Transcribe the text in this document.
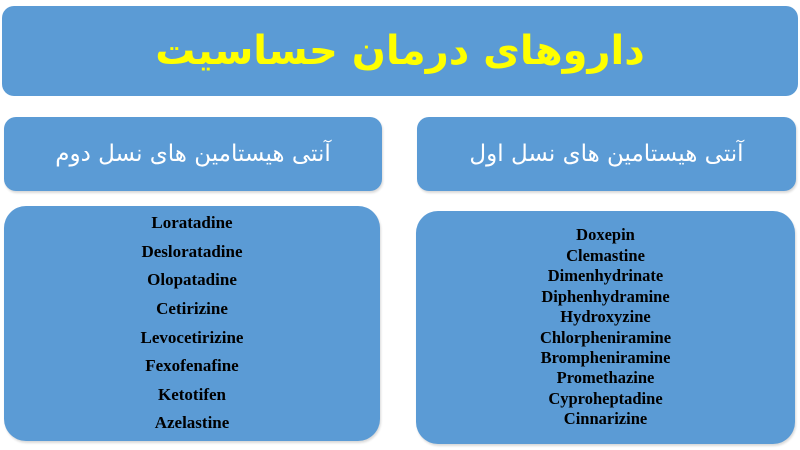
داروهای درمان حساسیت
آنتی هیستامین های نسل دوم	آنتی هیستامین های نسل اول
Loratadine
Desloratadine
Olopatadine
Cetirizine
Levocetirizine
Fexofenafine
Ketotifen
Azelastine
Doxepin
Clemastine
Dimenhydrinate
Diphenhydramine
Hydroxyzine
Chlorpheniramine
Brompheniramine
Promethazine
Cyproheptadine
Cinnarizine
